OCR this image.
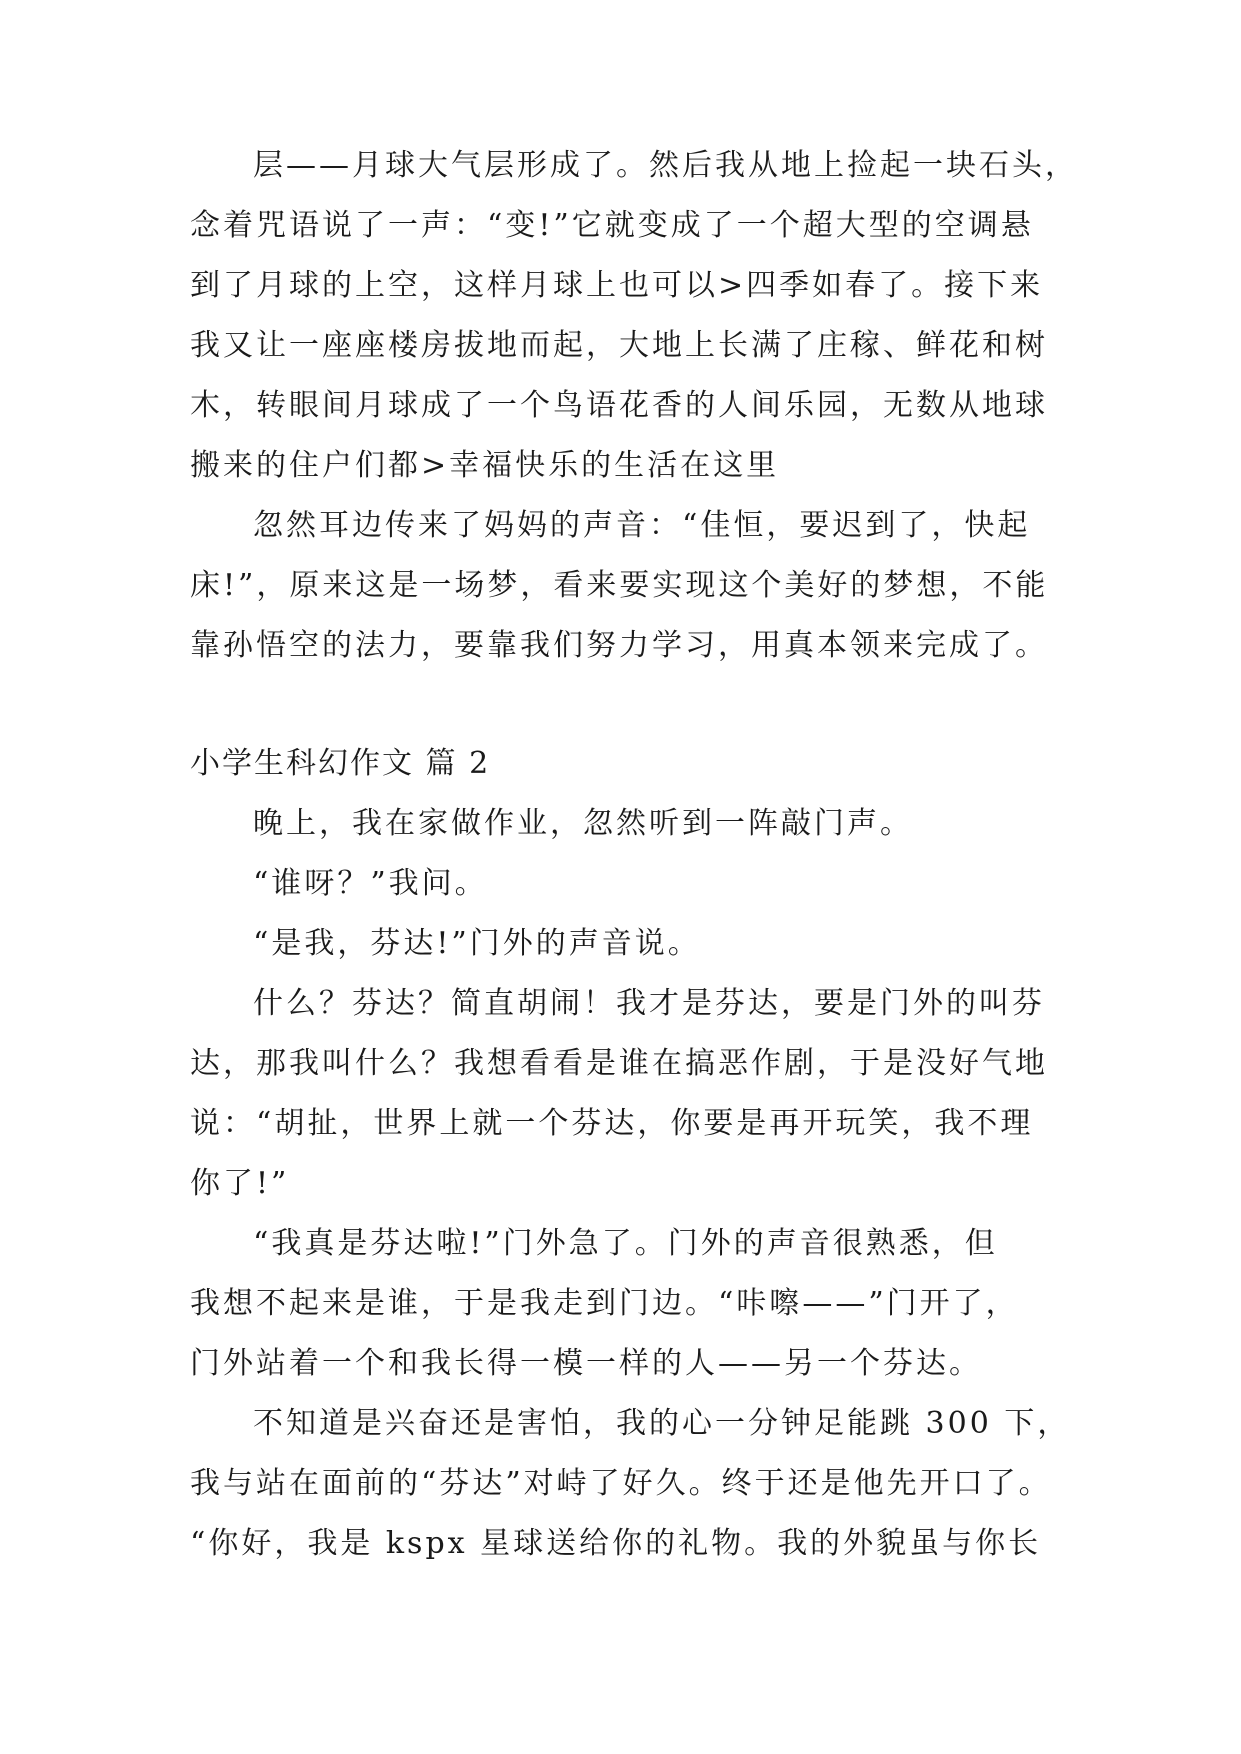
层——月球大气层形成了。然后我从地上捡起一块石头，
念着咒语说了一声：“变!”它就变成了一个超大型的空调悬
到了月球的上空，这样月球上也可以>四季如春了。接下来
我又让一座座楼房拔地而起，大地上长满了庄稼、鲜花和树
木，转眼间月球成了一个鸟语花香的人间乐园，无数从地球
搬来的住户们都>幸福快乐的生活在这里
忽然耳边传来了妈妈的声音：“佳恒，要迟到了，快起
床!”，原来这是一场梦，看来要实现这个美好的梦想，不能
靠孙悟空的法力，要靠我们努力学习，用真本领来完成了。
小学生科幻作文 篇 2
晚上，我在家做作业，忽然听到一阵敲门声。
“谁呀？”我问。
“是我，芬达!”门外的声音说。
什么？芬达？简直胡闹！我才是芬达，要是门外的叫芬
达，那我叫什么？我想看看是谁在搞恶作剧，于是没好气地
说：“胡扯，世界上就一个芬达，你要是再开玩笑，我不理
你了!”
“我真是芬达啦!”门外急了。门外的声音很熟悉，但
我想不起来是谁，于是我走到门边。“咔嚓——”门开了，
门外站着一个和我长得一模一样的人——另一个芬达。
不知道是兴奋还是害怕，我的心一分钟足能跳 300 下，
我与站在面前的“芬达”对峙了好久。终于还是他先开口了。
“你好，我是 kspx 星球送给你的礼物。我的外貌虽与你长
